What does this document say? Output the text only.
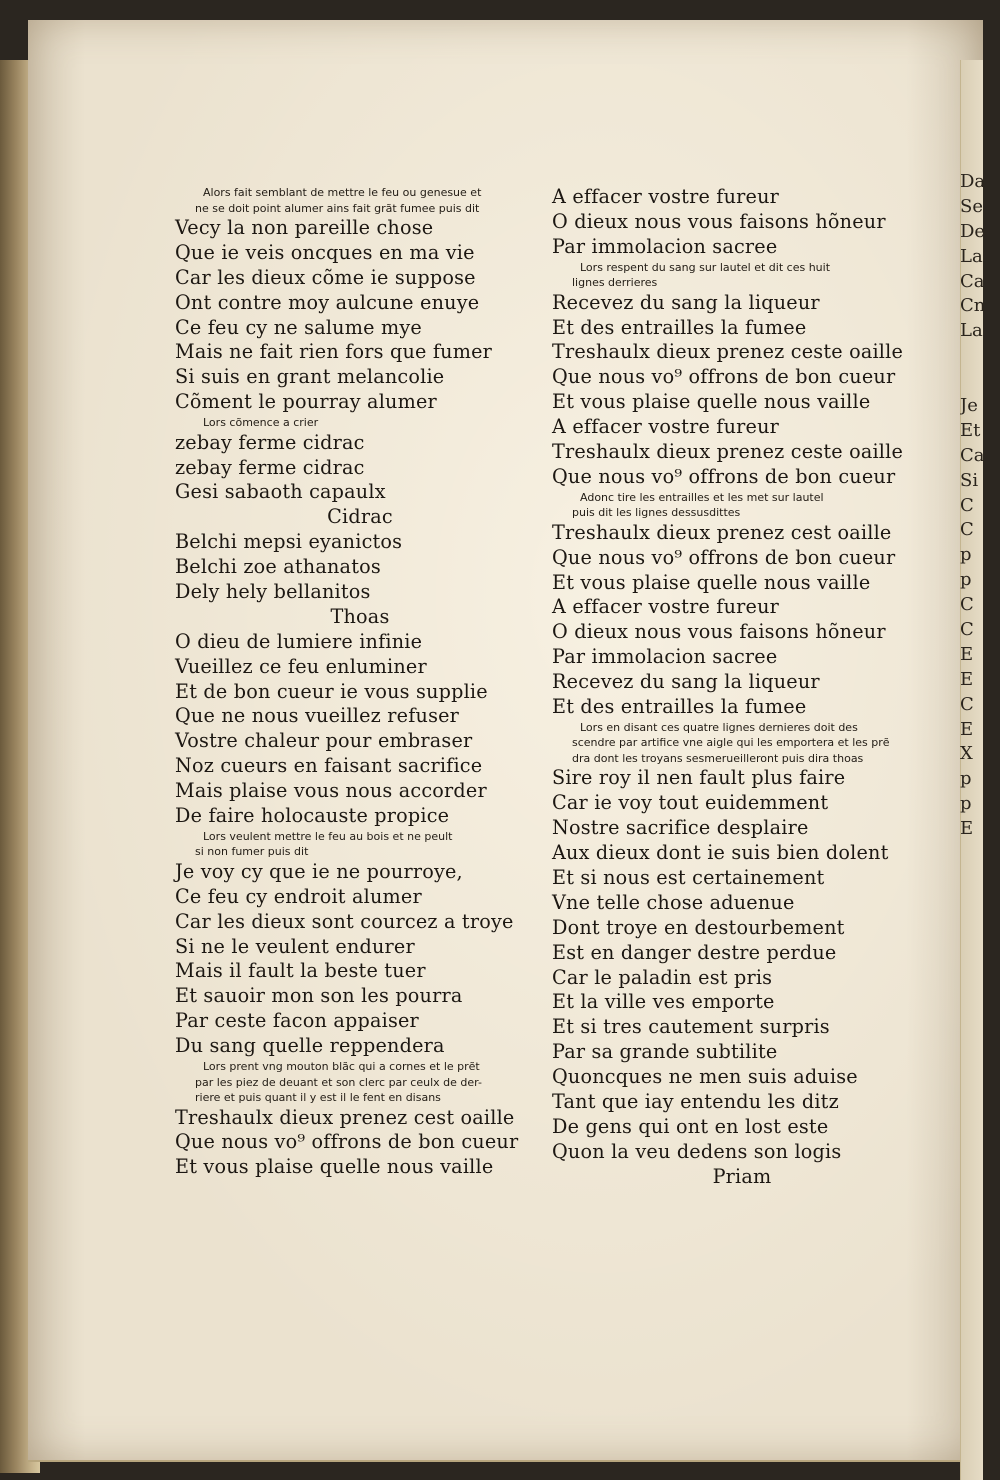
Alors fait semblant de mettre le feu ou genesue et
ne se doit point alumer ains fait grãt fumee puis dit
Vecy la non pareille chose
Que ie veis oncques en ma vie
Car les dieux cõme ie suppose
Ont contre moy aulcune enuye
Ce feu cy ne salume mye
Mais ne fait rien fors que fumer
Si suis en grant melancolie
Cõment le pourray alumer
Lors cõmence a crier
zebay ferme cidrac
zebay ferme cidrac
Gesi sabaoth capaulx
Cidrac
Belchi mepsi eyanictos
Belchi zoe athanatos
Dely hely bellanitos
Thoas
O dieu de lumiere infinie
Vueillez ce feu enluminer
Et de bon cueur ie vous supplie
Que ne nous vueillez refuser
Vostre chaleur pour embraser
Noz cueurs en faisant sacrifice
Mais plaise vous nous accorder
De faire holocauste propice
Lors veulent mettre le feu au bois et ne peult
si non fumer puis dit
Je voy cy que ie ne pourroye,
Ce feu cy endroit alumer
Car les dieux sont courcez a troye
Si ne le veulent endurer
Mais il fault la beste tuer
Et sauoir mon son les pourra
Par ceste facon appaiser
Du sang quelle reppendera
Lors prent vng mouton blãc qui a cornes et le prẽt
par les piez de deuant et son clerc par ceulx de der-
riere et puis quant il y est il le fent en disans
Treshaulx dieux prenez cest oaille
Que nous vo⁹ offrons de bon cueur
Et vous plaise quelle nous vaille
A effacer vostre fureur
O dieux nous vous faisons hõneur
Par immolacion sacree
Lors respent du sang sur lautel et dit ces huit
lignes derrieres
Recevez du sang la liqueur
Et des entrailles la fumee
Treshaulx dieux prenez ceste oaille
Que nous vo⁹ offrons de bon cueur
Et vous plaise quelle nous vaille
A effacer vostre fureur
Treshaulx dieux prenez ceste oaille
Que nous vo⁹ offrons de bon cueur
Adonc tire les entrailles et les met sur lautel
puis dit les lignes dessusdittes
Treshaulx dieux prenez cest oaille
Que nous vo⁹ offrons de bon cueur
Et vous plaise quelle nous vaille
A effacer vostre fureur
O dieux nous vous faisons hõneur
Par immolacion sacree
Recevez du sang la liqueur
Et des entrailles la fumee
Lors en disant ces quatre lignes dernieres doit des
scendre par artifice vne aigle qui les emportera et les prẽ
dra dont les troyans sesmerueilleront puis dira thoas
Sire roy il nen fault plus faire
Car ie voy tout euidemment
Nostre sacrifice desplaire
Aux dieux dont ie suis bien dolent
Et si nous est certainement
Vne telle chose aduenue
Dont troye en destourbement
Est en danger destre perdue
Car le paladin est pris
Et la ville ves emporte
Et si tres cautement surpris
Par sa grande subtilite
Quoncques ne men suis aduise
Tant que iay entendu les ditz
De gens qui ont en lost este
Quon la veu dedens son logis
Priam
Da
Se
De
La
Ca
Cn
La
Je
Et
Ca
Si
C
C
p
p
C
C
E
E
C
E
X
p
p
E
